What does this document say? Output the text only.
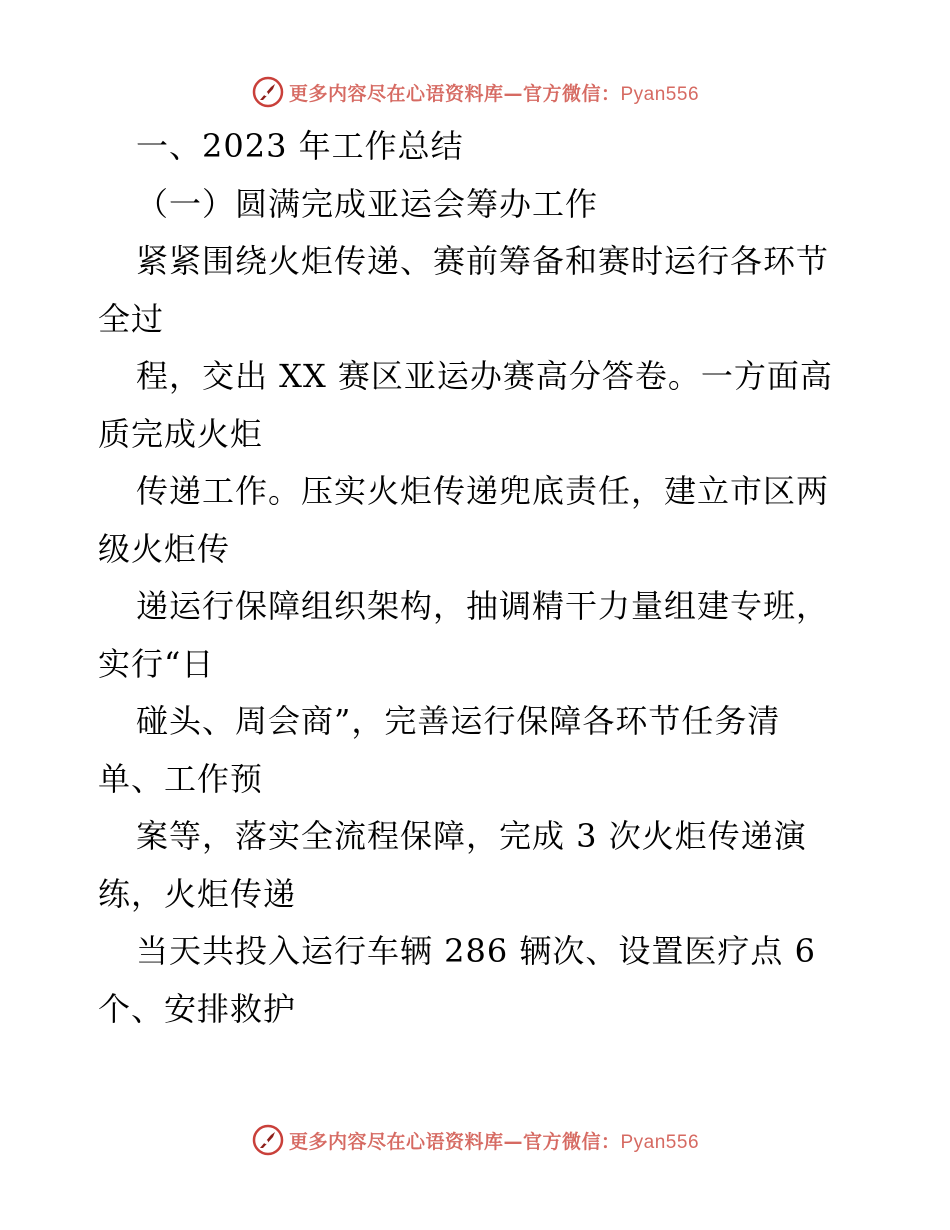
更多内容尽在心语资料库—官方微信：Pyan556
一、2023 年工作总结
（一）圆满完成亚运会筹办工作
紧紧围绕火炬传递、赛前筹备和赛时运行各环节
全过
程，交出 XX 赛区亚运办赛高分答卷。一方面高
质完成火炬
传递工作。压实火炬传递兜底责任，建立市区两
级火炬传
递运行保障组织架构，抽调精干力量组建专班，
实行“日
碰头、周会商”，完善运行保障各环节任务清
单、工作预
案等，落实全流程保障，完成 3 次火炬传递演
练，火炬传递
当天共投入运行车辆 286 辆次、设置医疗点 6
个、安排救护
更多内容尽在心语资料库—官方微信：Pyan556
